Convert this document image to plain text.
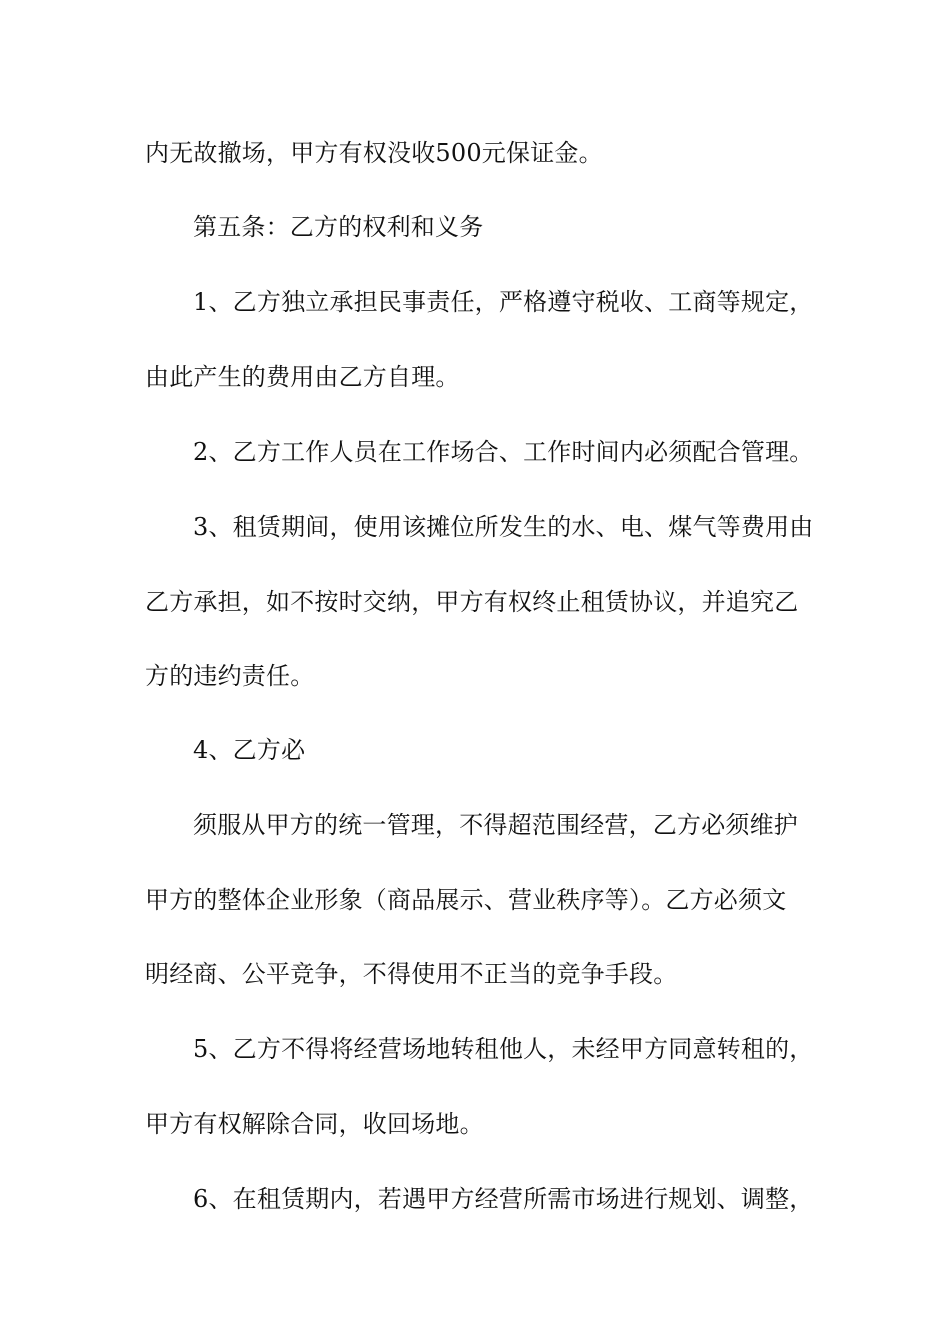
内无故撤场，甲方有权没收500元保证金。
第五条：乙方的权利和义务
1、乙方独立承担民事责任，严格遵守税收、工商等规定，
由此产生的费用由乙方自理。
2、乙方工作人员在工作场合、工作时间内必须配合管理。
3、租赁期间，使用该摊位所发生的水、电、煤气等费用由
乙方承担，如不按时交纳，甲方有权终止租赁协议，并追究乙
方的违约责任。
4、乙方必
须服从甲方的统一管理，不得超范围经营，乙方必须维护
甲方的整体企业形象（商品展示、营业秩序等）。乙方必须文
明经商、公平竞争，不得使用不正当的竞争手段。
5、乙方不得将经营场地转租他人，未经甲方同意转租的，
甲方有权解除合同，收回场地。
6、在租赁期内，若遇甲方经营所需市场进行规划、调整，
